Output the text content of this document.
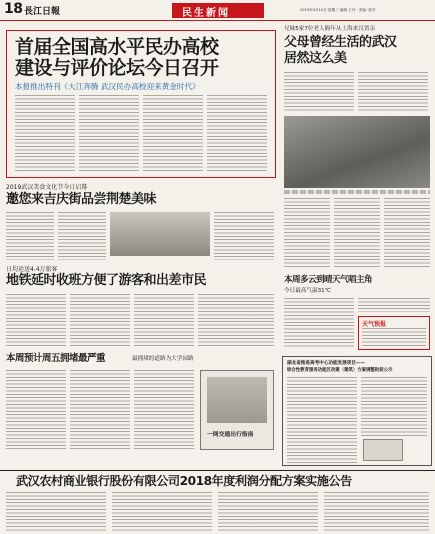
18 長江日報	民生新闻	2019年4月10日 星期三 编辑 王丹 · 美编 ·校对
首届全国高水平民办高校
建设与评价论坛今日召开
本报推出特刊《大江奔腾 武汉民办高校迎来黄金时代》
兄妹5家7位老人隔年从上海来汉省亲
父母曾经生活的武汉
居然这么美
2019武汉美食文化节今日启幕
邀您来吉庆街品尝荆楚美味
日均运送4.4万旅客
地铁延时收班方便了游客和出差市民	本周多云到晴天气唱主角
今日最高气温31℃
天气预报
湖北省推进高考中心功能发展项目——
综合性教育服务功能区改建（建筑）方案调整批前公示
本周预计周五拥堵最严重	最拥堵的道路为大学园路
一网交通出行指南
武汉农村商业银行股份有限公司2018年度利润分配方案实施公告
